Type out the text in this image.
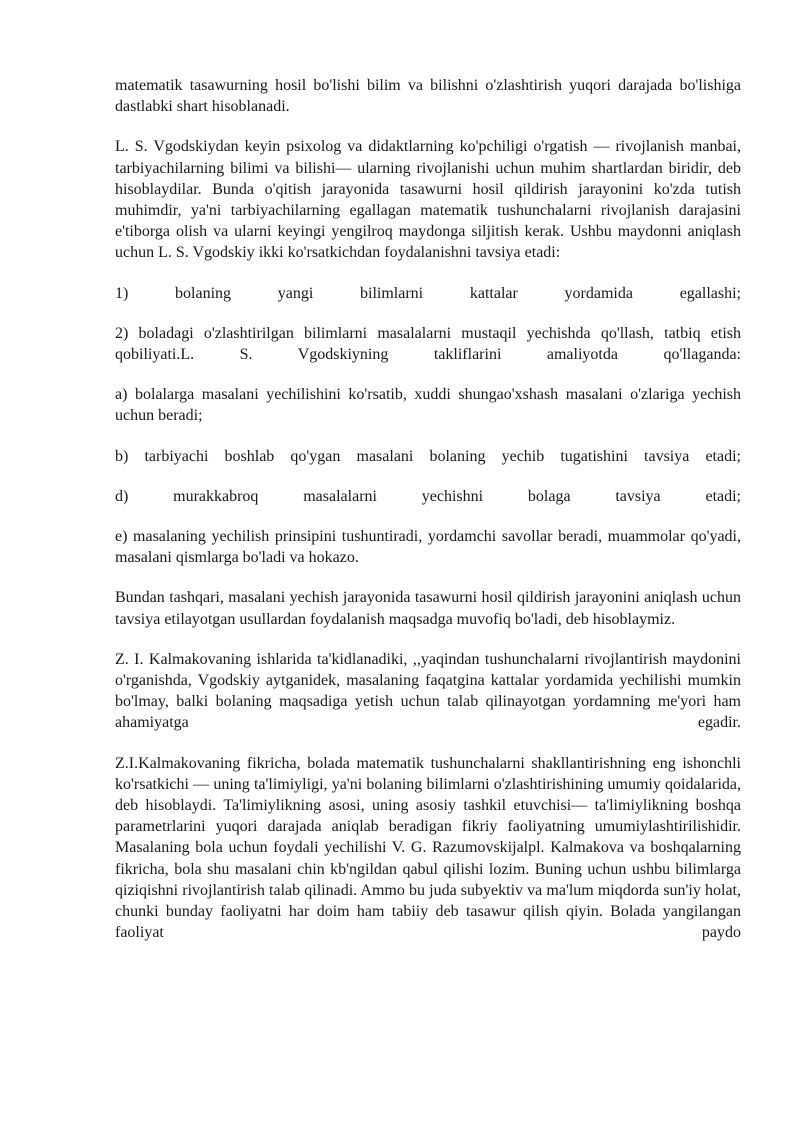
matematik tasawurning hosil bo'lishi bilim va bilishni o'zlashtirish yuqori darajada bo'lishiga dastlabki shart hisoblanadi.

L. S. Vgodskiydan keyin psixolog va didaktlarning ko'pchiligi o'rgatish — rivojlanish manbai, tarbiyachilarning bilimi va bilishi— ularning rivojlanishi uchun muhim shartlardan biridir, deb hisoblaydilar. Bunda o'qitish jarayonida tasawurni hosil qildirish jarayonini ko'zda tutish muhimdir, ya'ni tarbiyachilarning egallagan matematik tushunchalarni rivojlanish darajasini e'tiborga olish va ularni keyingi yengilroq maydonga siljitish kerak. Ushbu maydonni aniqlash uchun L. S. Vgodskiy ikki ko'rsatkichdan foydalanishni tavsiya etadi:

1) bolaning yangi bilimlarni kattalar yordamida egallashi;

2) boladagi o'zlashtirilgan bilimlarni masalalarni mustaqil yechishda qo'llash, tatbiq etish qobiliyati.L. S. Vgodskiyning takliflarini amaliyotda qo'llaganda:

a) bolalarga masalani yechilishini ko'rsatib, xuddi shungao'xshash masalani o'zlariga yechish uchun beradi;

b) tarbiyachi boshlab qo'ygan masalani bolaning yechib tugatishini tavsiya etadi;

d) murakkabroq masalalarni yechishni bolaga tavsiya etadi;

e) masalaning yechilish prinsipini tushuntiradi, yordamchi savollar beradi, muammolar qo'yadi, masalani qismlarga bo'ladi va hokazo.

Bundan tashqari, masalani yechish jarayonida tasawurni hosil qildirish jarayonini aniqlash uchun tavsiya etilayotgan usullardan foydalanish maqsadga muvofiq bo'ladi, deb hisoblaymiz.

Z. I. Kalmakovaning ishlarida ta'kidlanadiki, ,,yaqindan tushunchalarni rivojlantirish maydonini o'rganishda, Vgodskiy aytganidek, masalaning faqatgina kattalar yordamida yechilishi mumkin bo'lmay, balki bolaning maqsadiga yetish uchun talab qilinayotgan yordamning me'yori ham ahamiyatga egadir.

Z.I.Kalmakovaning fikricha, bolada matematik tushunchalarni shakllantirishning eng ishonchli ko'rsatkichi — uning ta'limiyligi, ya'ni bolaning bilimlarni o'zlashtirishining umumiy qoidalarida, deb hisoblaydi. Ta'limiylikning asosi, uning asosiy tashkil etuvchisi— ta'limiylikning boshqa parametrlarini yuqori darajada aniqlab beradigan fikriy faoliyatning umumiylashtirilishidir. Masalaning bola uchun foydali yechilishi V. G. Razumovskijalpl. Kalmakova va boshqalarning fikricha, bola shu masalani chin kb'ngildan qabul qilishi lozim. Buning uchun ushbu bilimlarga qiziqishni rivojlantirish talab qilinadi. Ammo bu juda subyektiv va ma'lum miqdorda sun'iy holat, chunki bunday faoliyatni har doim ham tabiiy deb tasawur qilish qiyin. Bolada yangilangan faoliyat paydo
